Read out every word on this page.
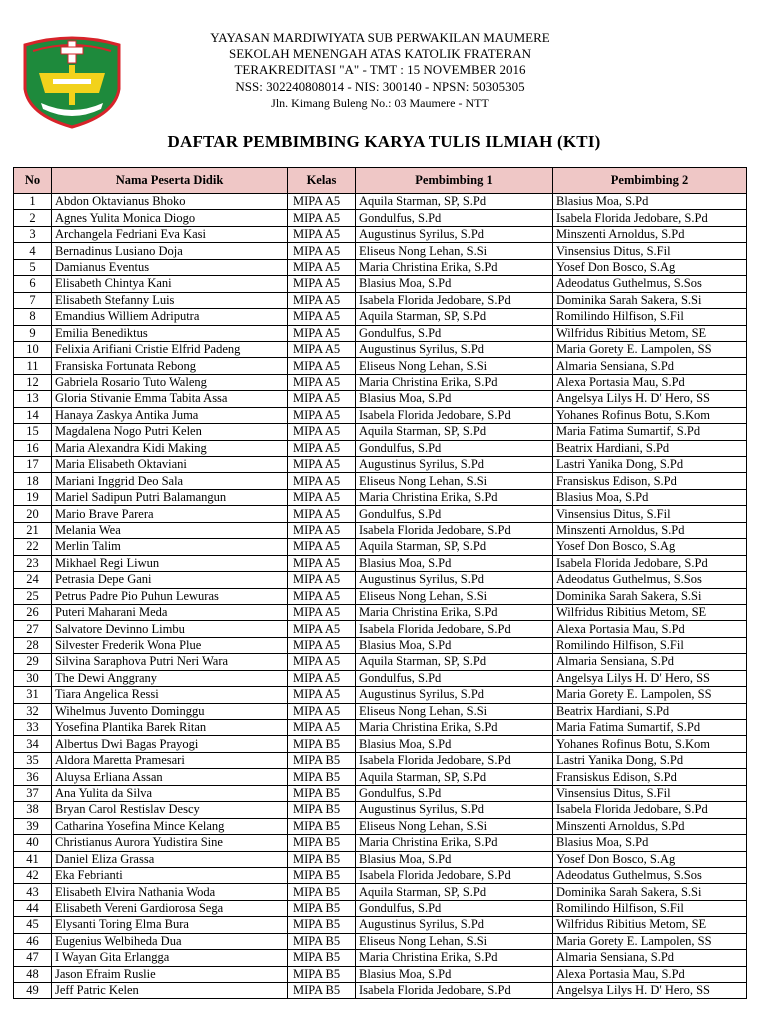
YAYASAN MARDIWIYATA SUB PERWAKILAN MAUMERE
SEKOLAH MENENGAH ATAS KATOLIK FRATERAN
TERAKREDITASI "A" - TMT : 15 NOVEMBER 2016
NSS: 302240808014 - NIS: 300140 - NPSN: 50305305
Jln. Kimang Buleng No.: 03 Maumere - NTT
DAFTAR PEMBIMBING KARYA TULIS ILMIAH (KTI)
No	Nama Peserta Didik	Kelas	Pembimbing 1	Pembimbing 2
1	Abdon Oktavianus Bhoko	MIPA A5	Aquila Starman, SP, S.Pd	Blasius Moa, S.Pd
2	Agnes Yulita Monica Diogo	MIPA A5	Gondulfus, S.Pd	Isabela Florida Jedobare, S.Pd
3	Archangela Fedriani Eva Kasi	MIPA A5	Augustinus Syrilus, S.Pd	Minszenti Arnoldus, S.Pd
4	Bernadinus Lusiano Doja	MIPA A5	Eliseus Nong Lehan, S.Si	Vinsensius Ditus, S.Fil
5	Damianus Eventus	MIPA A5	Maria Christina Erika, S.Pd	Yosef Don Bosco, S.Ag
6	Elisabeth Chintya Kani	MIPA A5	Blasius Moa, S.Pd	Adeodatus Guthelmus, S.Sos
7	Elisabeth Stefanny Luis	MIPA A5	Isabela Florida Jedobare, S.Pd	Dominika Sarah Sakera, S.Si
8	Emandius Williem Adriputra	MIPA A5	Aquila Starman, SP, S.Pd	Romilindo Hilfison, S.Fil
9	Emilia Benediktus	MIPA A5	Gondulfus, S.Pd	Wilfridus Ribitius Metom, SE
10	Felixia Arifiani Cristie Elfrid Padeng	MIPA A5	Augustinus Syrilus, S.Pd	Maria Gorety E. Lampolen, SS
11	Fransiska Fortunata Rebong	MIPA A5	Eliseus Nong Lehan, S.Si	Almaria Sensiana, S.Pd
12	Gabriela Rosario Tuto Waleng	MIPA A5	Maria Christina Erika, S.Pd	Alexa Portasia Mau, S.Pd
13	Gloria Stivanie Emma Tabita Assa	MIPA A5	Blasius Moa, S.Pd	Angelsya Lilys H. D' Hero, SS
14	Hanaya Zaskya Antika Juma	MIPA A5	Isabela Florida Jedobare, S.Pd	Yohanes Rofinus Botu, S.Kom
15	Magdalena Nogo Putri Kelen	MIPA A5	Aquila Starman, SP, S.Pd	Maria Fatima Sumartif, S.Pd
16	Maria Alexandra Kidi Making	MIPA A5	Gondulfus, S.Pd	Beatrix Hardiani, S.Pd
17	Maria Elisabeth Oktaviani	MIPA A5	Augustinus Syrilus, S.Pd	Lastri Yanika Dong, S.Pd
18	Mariani Inggrid Deo Sala	MIPA A5	Eliseus Nong Lehan, S.Si	Fransiskus Edison, S.Pd
19	Mariel Sadipun Putri Balamangun	MIPA A5	Maria Christina Erika, S.Pd	Blasius Moa, S.Pd
20	Mario Brave Parera	MIPA A5	Gondulfus, S.Pd	Vinsensius Ditus, S.Fil
21	Melania Wea	MIPA A5	Isabela Florida Jedobare, S.Pd	Minszenti Arnoldus, S.Pd
22	Merlin Talim	MIPA A5	Aquila Starman, SP, S.Pd	Yosef Don Bosco, S.Ag
23	Mikhael Regi Liwun	MIPA A5	Blasius Moa, S.Pd	Isabela Florida Jedobare, S.Pd
24	Petrasia Depe Gani	MIPA A5	Augustinus Syrilus, S.Pd	Adeodatus Guthelmus, S.Sos
25	Petrus Padre Pio Puhun Lewuras	MIPA A5	Eliseus Nong Lehan, S.Si	Dominika Sarah Sakera, S.Si
26	Puteri Maharani Meda	MIPA A5	Maria Christina Erika, S.Pd	Wilfridus Ribitius Metom, SE
27	Salvatore Devinno Limbu	MIPA A5	Isabela Florida Jedobare, S.Pd	Alexa Portasia Mau, S.Pd
28	Silvester Frederik Wona Plue	MIPA A5	Blasius Moa, S.Pd	Romilindo Hilfison, S.Fil
29	Silvina Saraphova Putri Neri Wara	MIPA A5	Aquila Starman, SP, S.Pd	Almaria Sensiana, S.Pd
30	The Dewi Anggrany	MIPA A5	Gondulfus, S.Pd	Angelsya Lilys H. D' Hero, SS
31	Tiara Angelica Ressi	MIPA A5	Augustinus Syrilus, S.Pd	Maria Gorety E. Lampolen, SS
32	Wihelmus Juvento Dominggu	MIPA A5	Eliseus Nong Lehan, S.Si	Beatrix Hardiani, S.Pd
33	Yosefina Plantika Barek Ritan	MIPA A5	Maria Christina Erika, S.Pd	Maria Fatima Sumartif, S.Pd
34	Albertus Dwi Bagas Prayogi	MIPA B5	Blasius Moa, S.Pd	Yohanes Rofinus Botu, S.Kom
35	Aldora Maretta Pramesari	MIPA B5	Isabela Florida Jedobare, S.Pd	Lastri Yanika Dong, S.Pd
36	Aluysa Erliana Assan	MIPA B5	Aquila Starman, SP, S.Pd	Fransiskus Edison, S.Pd
37	Ana Yulita da Silva	MIPA B5	Gondulfus, S.Pd	Vinsensius Ditus, S.Fil
38	Bryan Carol Restislav Descy	MIPA B5	Augustinus Syrilus, S.Pd	Isabela Florida Jedobare, S.Pd
39	Catharina Yosefina Mince Kelang	MIPA B5	Eliseus Nong Lehan, S.Si	Minszenti Arnoldus, S.Pd
40	Christianus Aurora Yudistira Sine	MIPA B5	Maria Christina Erika, S.Pd	Blasius Moa, S.Pd
41	Daniel Eliza Grassa	MIPA B5	Blasius Moa, S.Pd	Yosef Don Bosco, S.Ag
42	Eka Febrianti	MIPA B5	Isabela Florida Jedobare, S.Pd	Adeodatus Guthelmus, S.Sos
43	Elisabeth Elvira Nathania Woda	MIPA B5	Aquila Starman, SP, S.Pd	Dominika Sarah Sakera, S.Si
44	Elisabeth Vereni Gardiorosa Sega	MIPA B5	Gondulfus, S.Pd	Romilindo Hilfison, S.Fil
45	Elysanti Toring Elma Bura	MIPA B5	Augustinus Syrilus, S.Pd	Wilfridus Ribitius Metom, SE
46	Eugenius Welbiheda Dua	MIPA B5	Eliseus Nong Lehan, S.Si	Maria Gorety E. Lampolen, SS
47	I Wayan Gita Erlangga	MIPA B5	Maria Christina Erika, S.Pd	Almaria Sensiana, S.Pd
48	Jason Efraim Ruslie	MIPA B5	Blasius Moa, S.Pd	Alexa Portasia Mau, S.Pd
49	Jeff Patric Kelen	MIPA B5	Isabela Florida Jedobare, S.Pd	Angelsya Lilys H. D' Hero, SS
